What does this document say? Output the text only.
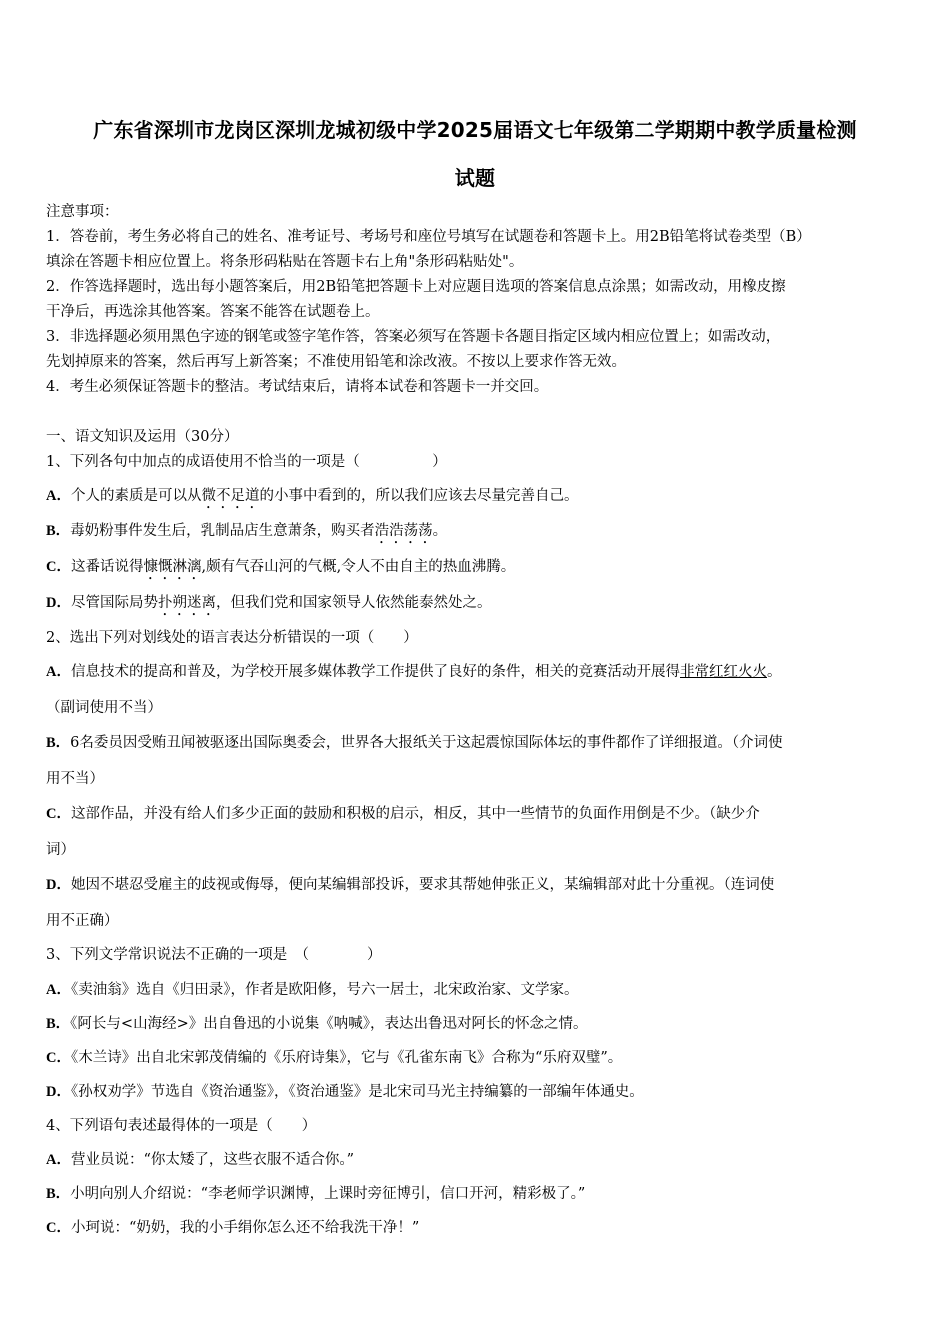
广东省深圳市龙岗区深圳龙城初级中学2025届语文七年级第二学期期中教学质量检测
试题
注意事项：
1．答卷前，考生务必将自己的姓名、准考证号、考场号和座位号填写在试题卷和答题卡上。用2B铅笔将试卷类型（B）
填涂在答题卡相应位置上。将条形码粘贴在答题卡右上角"条形码粘贴处"。
2．作答选择题时，选出每小题答案后，用2B铅笔把答题卡上对应题目选项的答案信息点涂黑；如需改动，用橡皮擦
干净后，再选涂其他答案。答案不能答在试题卷上。
3．非选择题必须用黑色字迹的钢笔或签字笔作答，答案必须写在答题卡各题目指定区域内相应位置上；如需改动，
先划掉原来的答案，然后再写上新答案；不准使用铅笔和涂改液。不按以上要求作答无效。
4．考生必须保证答题卡的整洁。考试结束后，请将本试卷和答题卡一并交回。
一、语文知识及运用（30分）
1、下列各句中加点的成语使用不恰当的一项是（　　　　　）
A．个人的素质是可以从微不足道的小事中看到的，所以我们应该去尽量完善自己。
B．毒奶粉事件发生后，乳制品店生意萧条，购买者浩浩荡荡。
C．这番话说得慷慨淋漓,颇有气吞山河的气概,令人不由自主的热血沸腾。
D．尽管国际局势扑朔迷离，但我们党和国家领导人依然能泰然处之。
2、选出下列对划线处的语言表达分析错误的一项（　　）
A．信息技术的提高和普及，为学校开展多媒体教学工作提供了良好的条件，相关的竞赛活动开展得非常红红火火。
（副词使用不当）
B．6名委员因受贿丑闻被驱逐出国际奥委会，世界各大报纸关于这起震惊国际体坛的事件都作了详细报道。（介词使
用不当）
C．这部作品，并没有给人们多少正面的鼓励和积极的启示，相反，其中一些情节的负面作用倒是不少。（缺少介
词）
D．她因不堪忍受雇主的歧视或侮辱，便向某编辑部投诉，要求其帮她伸张正义，某编辑部对此十分重视。（连词使
用不正确）
3、下列文学常识说法不正确的一项是　（　　　　）
A．《卖油翁》选自《归田录》，作者是欧阳修，号六一居士，北宋政治家、文学家。
B．《阿长与<山海经>》出自鲁迅的小说集《呐喊》，表达出鲁迅对阿长的怀念之情。
C．《木兰诗》出自北宋郭茂倩编的《乐府诗集》，它与《孔雀东南飞》合称为“乐府双璧”。
D．《孙权劝学》节选自《资治通鉴》，《资治通鉴》是北宋司马光主持编纂的一部编年体通史。
4、下列语句表述最得体的一项是（　　）
A．营业员说：“你太矮了，这些衣服不适合你。”
B．小明向别人介绍说：“李老师学识渊博，上课时旁征博引，信口开河，精彩极了。”
C．小珂说：“奶奶，我的小手绢你怎么还不给我洗干净！”
